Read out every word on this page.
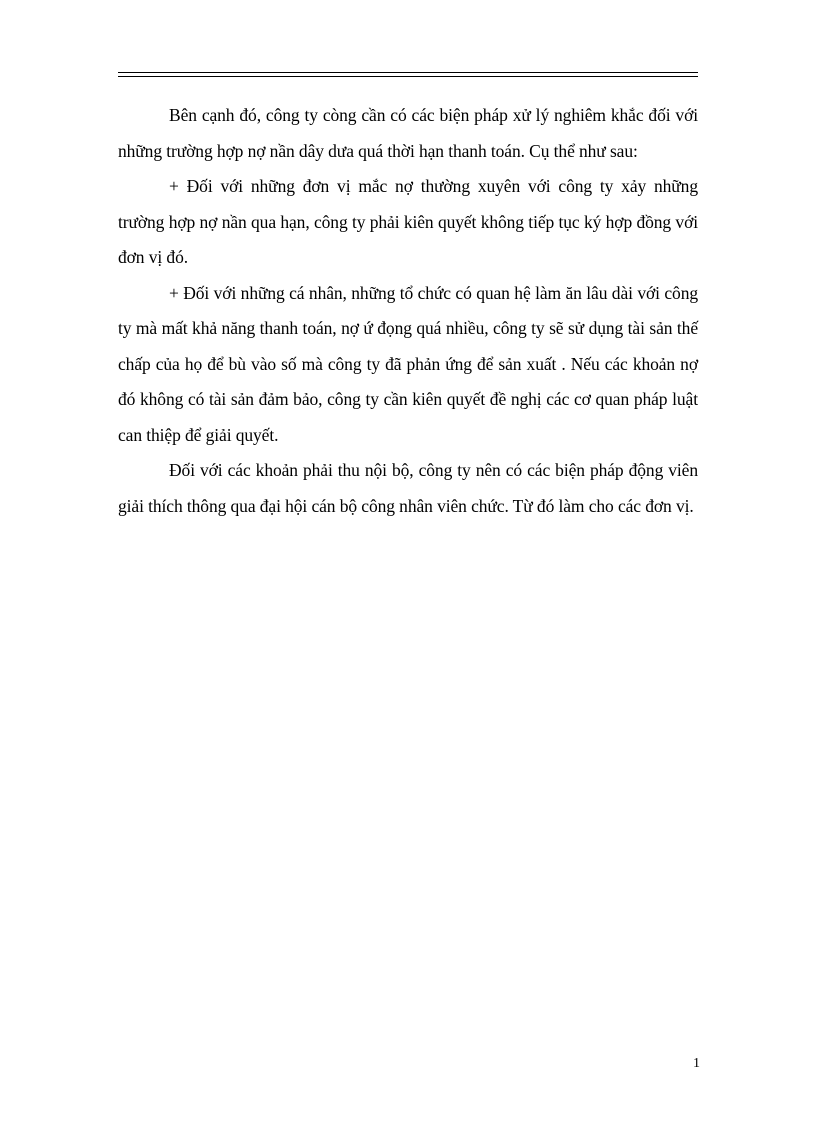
Bên cạnh đó, công ty còng cần có các biện pháp xử lý nghiêm khắc đối với những trường hợp nợ nần dây dưa quá thời hạn thanh toán. Cụ thể như sau:

+ Đối với những đơn vị mắc nợ thường xuyên với công ty xảy những trường hợp nợ nần qua hạn, công ty phải kiên quyết không tiếp tục ký hợp đồng với đơn vị đó.

+ Đối với những cá nhân, những tổ chức có quan hệ làm ăn lâu dài với công ty mà mất khả năng thanh toán, nợ ứ đọng quá nhiều, công ty sẽ sử dụng tài sản thế chấp của họ để bù vào số mà công ty đã phản ứng để sản xuất . Nếu các khoản nợ đó không có tài sản đảm bảo, công ty cần kiên quyết đề nghị các cơ quan pháp luật can thiệp để giải quyết.

Đối với các khoản phải thu nội bộ, công ty nên có các biện pháp động viên giải thích thông qua đại hội cán bộ công nhân viên chức. Từ đó làm cho các đơn vị.

1
